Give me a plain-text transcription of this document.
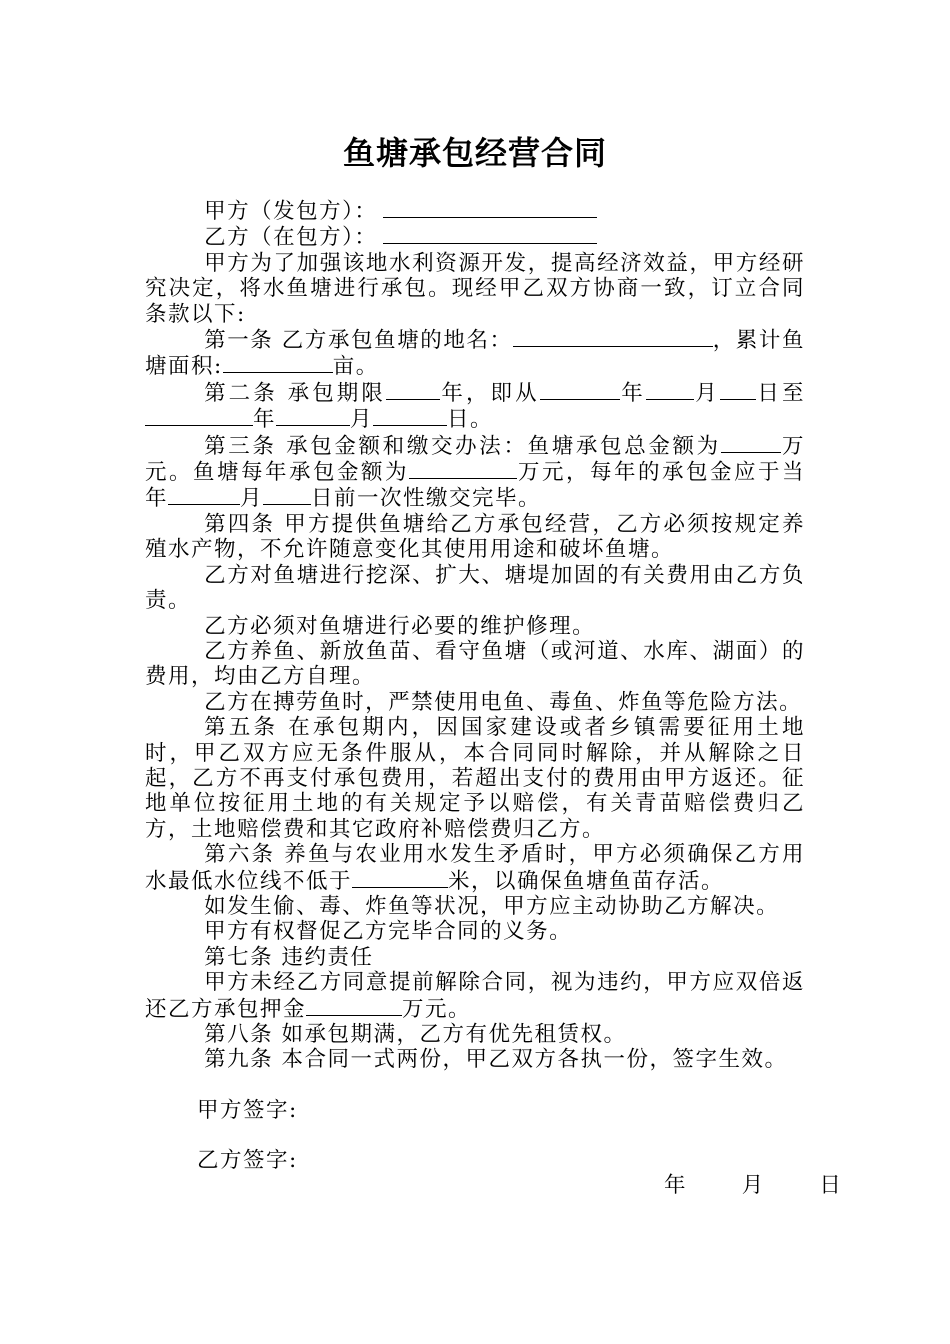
鱼塘承包经营合同
甲方（发包方）：
乙方（在包方）：
甲方为了加强该地水利资源开发，提高经济效益，甲方经研究决定，将水鱼塘进行承包。现经甲乙双方协商一致，订立合同条款以下:
第一条 乙方承包鱼塘的地名：	，累计鱼塘面积:	亩。
第二条 承包期限	年，即从	年 月 日至年	月	日。
第三条 承包金额和缴交办法：鱼塘承包总金额为	万元。鱼塘每年承包金额为	万元，每年的承包金应于当年	月 日前一次性缴交完毕。
第四条 甲方提供鱼塘给乙方承包经营，乙方必须按规定养殖水产物，不允许随意变化其使用用途和破坏鱼塘。
乙方对鱼塘进行挖深、扩大、塘堤加固的有关费用由乙方负责。
乙方必须对鱼塘进行必要的维护修理。
乙方养鱼、新放鱼苗、看守鱼塘（或河道、水库、湖面）的费用，均由乙方自理。
乙方在搏劳鱼时，严禁使用电鱼、毒鱼、炸鱼等危险方法。
第五条 在承包期内，因国家建设或者乡镇需要征用土地时，甲乙双方应无条件服从，本合同同时解除，并从解除之日起，乙方不再支付承包费用，若超出支付的费用由甲方返还。征地单位按征用土地的有关规定予以赔偿，有关青苗赔偿费归乙方，土地赔偿费和其它政府补赔偿费归乙方。
第六条 养鱼与农业用水发生矛盾时，甲方必须确保乙方用水最低水位线不低于	米，以确保鱼塘鱼苗存活。
如发生偷、毒、炸鱼等状况，甲方应主动协助乙方解决。
甲方有权督促乙方完毕合同的义务。
第七条 违约责任
甲方未经乙方同意提前解除合同，视为违约，甲方应双倍返还乙方承包押金	万元。
第八条 如承包期满，乙方有优先租赁权。
第九条 本合同一式两份，甲乙双方各执一份，签字生效。
甲方签字:
乙方签字:
年	月	日
